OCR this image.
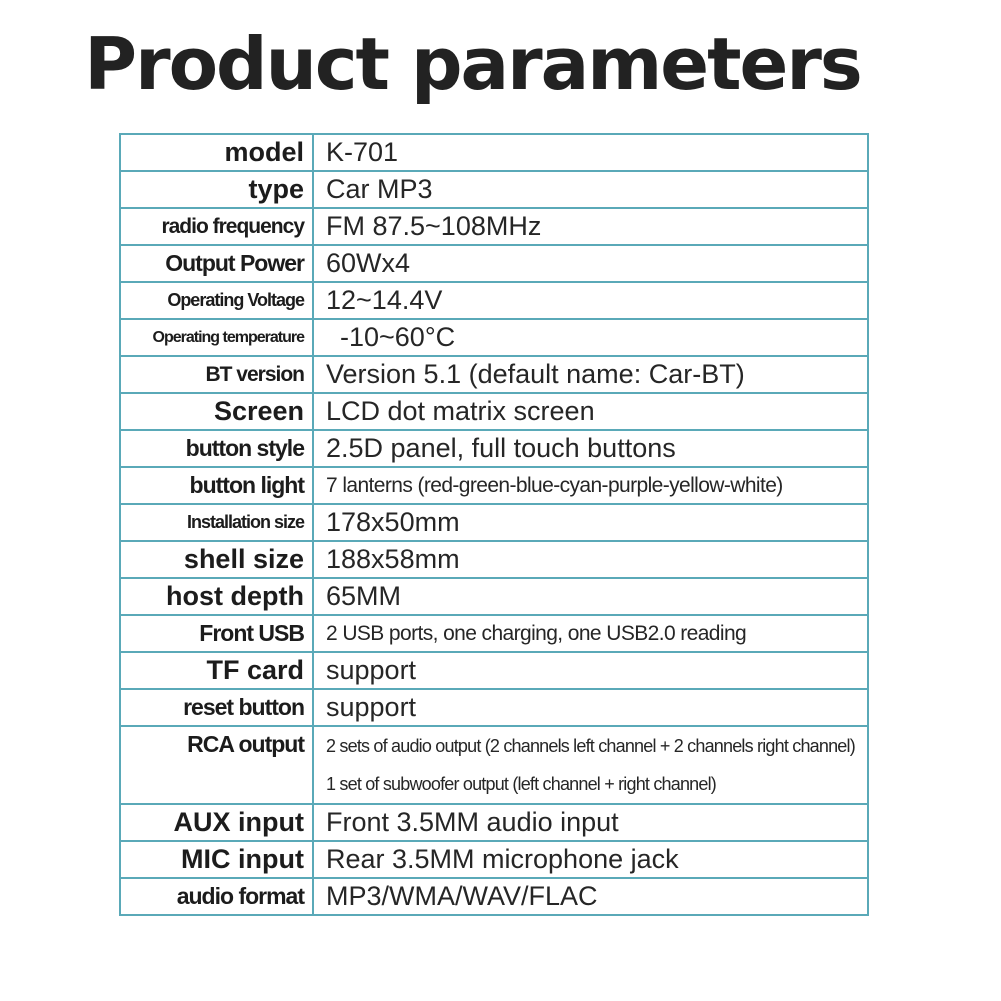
Product parameters
model	K-701
type	Car MP3
radio frequency	FM 87.5~108MHz
Output Power	60Wx4
Operating Voltage	12~14.4V
Operating temperature	-10~60°C
BT version	Version 5.1 (default name: Car-BT)
Screen	LCD dot matrix screen
button style	2.5D panel, full touch buttons
button light	7 lanterns (red-green-blue-cyan-purple-yellow-white)
Installation size	178x50mm
shell size	188x58mm
host depth	65MM
Front USB	2 USB ports, one charging, one USB2.0 reading
TF card	support
reset button	support
RCA output	2 sets of audio output (2 channels left channel + 2 channels right channel)
1 set of subwoofer output (left channel + right channel)

AUX input	Front 3.5MM audio input
MIC input	Rear 3.5MM microphone jack
audio format	MP3/WMA/WAV/FLAC
